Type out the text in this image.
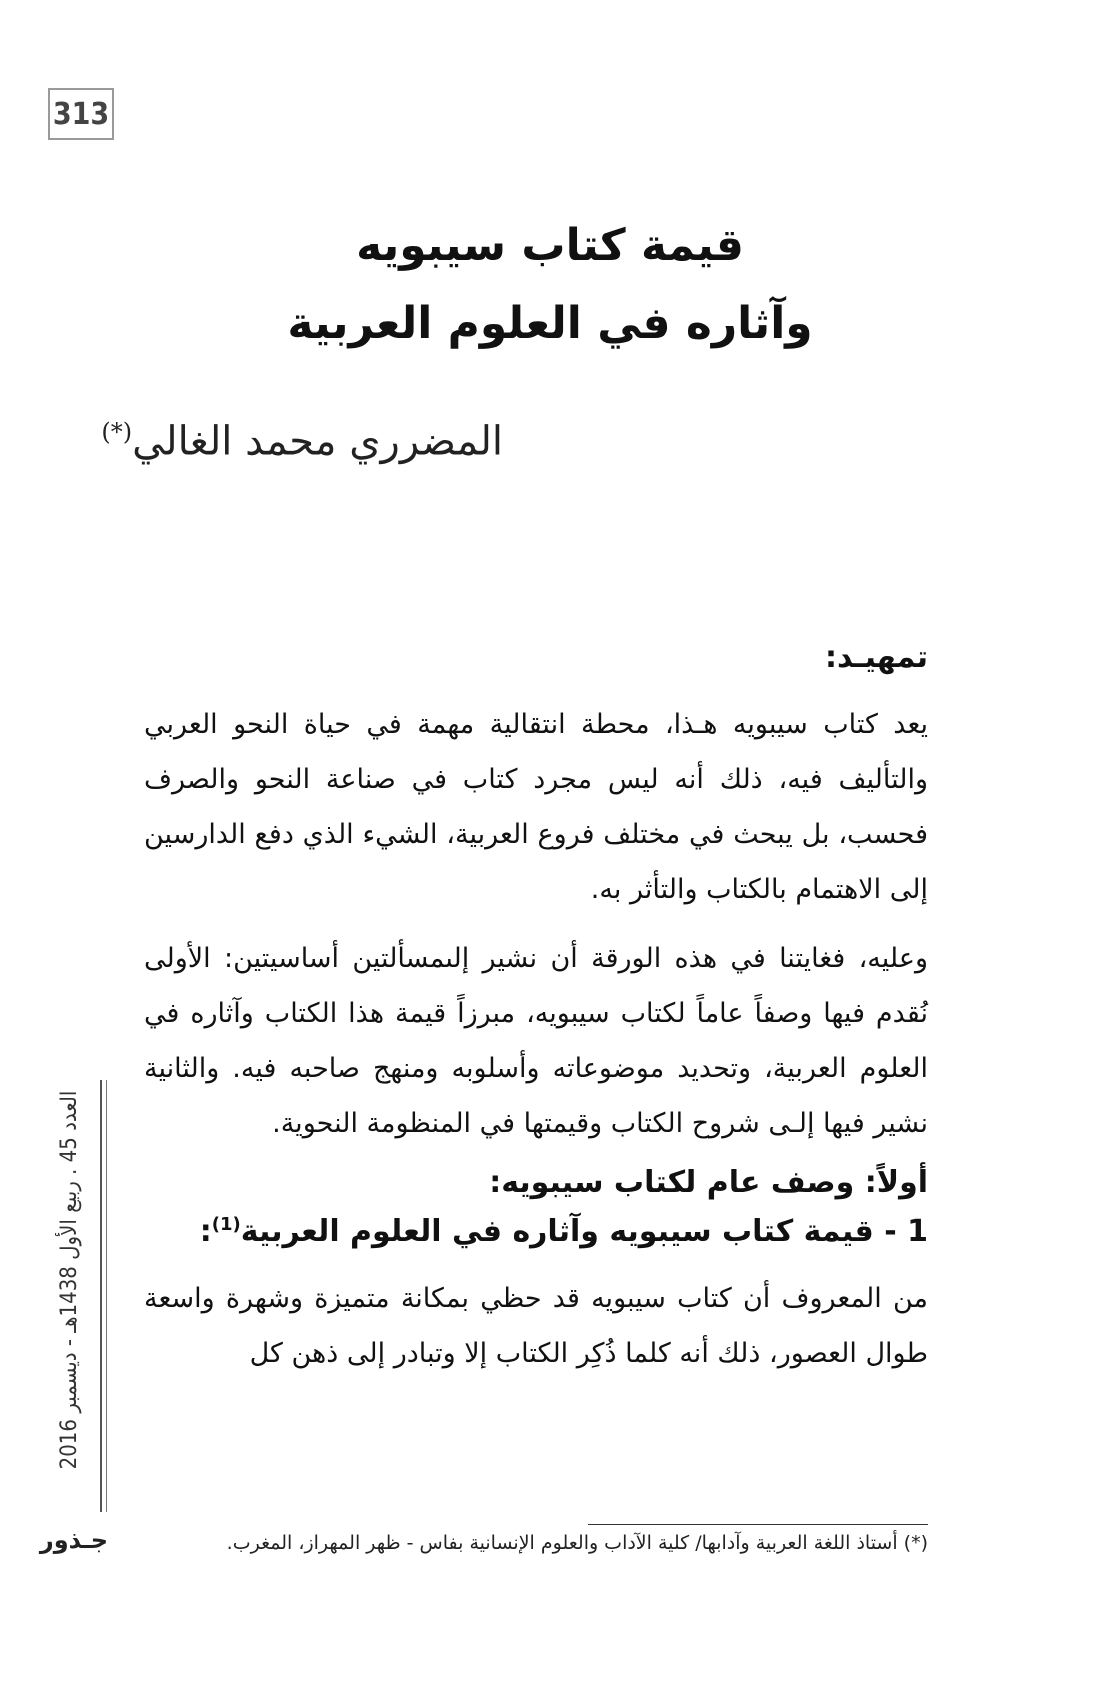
313
قيمة كتاب سيبويه
وآثاره في العلوم العربية
المضرري محمد الغالي(*)
تمهيـد:

يعد كتاب سيبويه هـذا، محطة انتقالية مهمة في حياة النحو العربي والتأليف فيه، ذلك أنه ليس مجرد كتاب في صناعة النحو والصرف فحسب، بل يبحث في مختلف فروع العربية، الشيء الذي دفع الدارسين إلى الاهتمام بالكتاب والتأثر به.

وعليه، فغايتنا في هذه الورقة أن نشير إلىمسألتين أساسيتين: الأولى نُقدم فيها وصفاً عاماً لكتاب سيبويه، مبرزاً قيمة هذا الكتاب وآثاره في العلوم العربية، وتحديد موضوعاته وأسلوبه ومنهج صاحبه فيه. والثانية نشير فيها إلـى شروح الكتاب وقيمتها في المنظومة النحوية.

أولاً: وصف عام لكتاب سيبويه:
1 - قيمة كتاب سيبويه وآثاره في العلوم العربية$^{(1)}$:

من المعروف أن كتاب سيبويه قد حظي بمكانة متميزة وشهرة واسعة طوال العصور، ذلك أنه كلما ذُكِر الكتاب إلا وتبادر إلى ذهن كل

(*) أستاذ اللغة العربية وآدابها/ كلية الآداب والعلوم الإنسانية بفاس - ظهر المهراز، المغرب.
العدد 45 . ربيع الأول 1438هـ - ديسمبر 2016
جـذور
